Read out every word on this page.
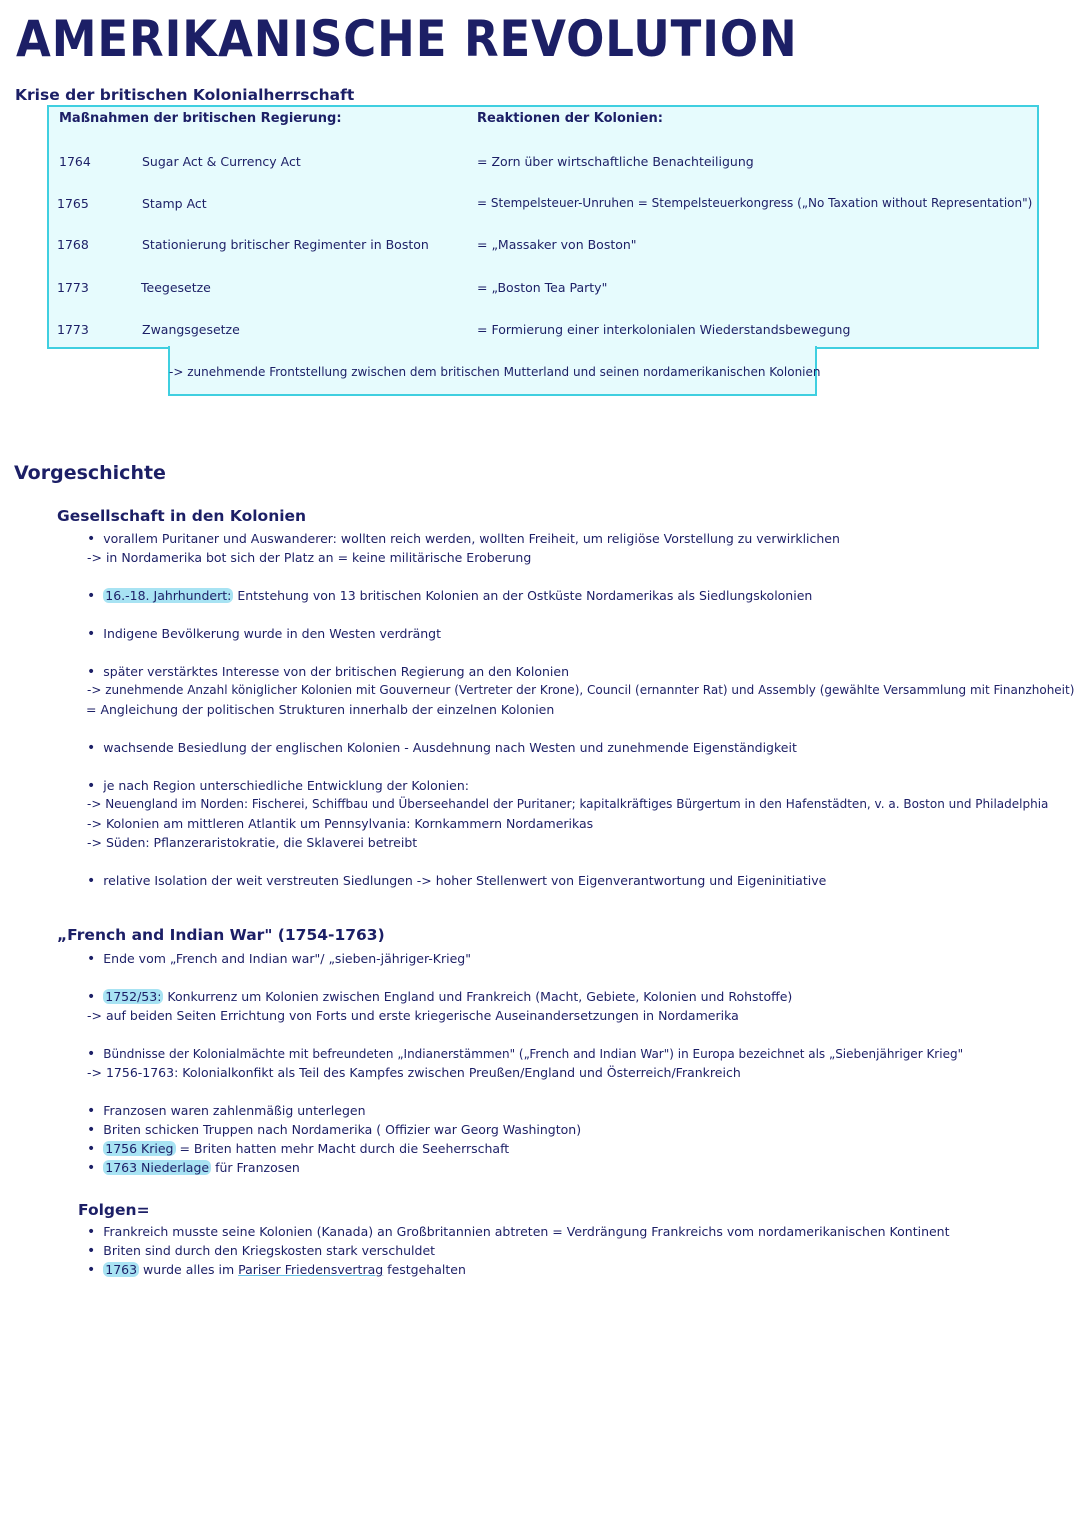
AMERIKANISCHE REVOLUTION
Krise der britischen Kolonialherrschaft
Maßnahmen der britischen Regierung:	Reaktionen der Kolonien:
1764	Sugar Act & Currency Act	= Zorn über wirtschaftliche Benachteiligung
1765	Stamp Act	= Stempelsteuer-Unruhen = Stempelsteuerkongress („No Taxation without Representation")
1768	Stationierung britischer Regimenter in Boston	= „Massaker von Boston"
1773	Teegesetze	= „Boston Tea Party"
1773	Zwangsgesetze	= Formierung einer interkolonialen Wiederstandsbewegung
-> zunehmende Frontstellung zwischen dem britischen Mutterland und seinen nordamerikanischen Kolonien
Vorgeschichte
Gesellschaft in den Kolonien
• vorallem Puritaner und Auswanderer: wollten reich werden, wollten Freiheit, um religiöse Vorstellung zu verwirklichen
-> in Nordamerika bot sich der Platz an = keine militärische Eroberung
• 16.-18. Jahrhundert: Entstehung von 13 britischen Kolonien an der Ostküste Nordamerikas als Siedlungskolonien
• Indigene Bevölkerung wurde in den Westen verdrängt
• später verstärktes Interesse von der britischen Regierung an den Kolonien
-> zunehmende Anzahl königlicher Kolonien mit Gouverneur (Vertreter der Krone), Council (ernannter Rat) und Assembly (gewählte Versammlung mit Finanzhoheit)
= Angleichung der politischen Strukturen innerhalb der einzelnen Kolonien
• wachsende Besiedlung der englischen Kolonien - Ausdehnung nach Westen und zunehmende Eigenständigkeit
• je nach Region unterschiedliche Entwicklung der Kolonien:
-> Neuengland im Norden: Fischerei, Schiffbau und Überseehandel der Puritaner; kapitalkräftiges Bürgertum in den Hafenstädten, v. a. Boston und Philadelphia
-> Kolonien am mittleren Atlantik um Pennsylvania: Kornkammern Nordamerikas
-> Süden: Pflanzeraristokratie, die Sklaverei betreibt
• relative Isolation der weit verstreuten Siedlungen -> hoher Stellenwert von Eigenverantwortung und Eigeninitiative
„French and Indian War" (1754-1763)
• Ende vom „French and Indian war"/ „sieben-jähriger-Krieg"
• 1752/53: Konkurrenz um Kolonien zwischen England und Frankreich (Macht, Gebiete, Kolonien und Rohstoffe)
-> auf beiden Seiten Errichtung von Forts und erste kriegerische Auseinandersetzungen in Nordamerika
• Bündnisse der Kolonialmächte mit befreundeten „Indianerstämmen" („French and Indian War") in Europa bezeichnet als „Siebenjähriger Krieg"
-> 1756-1763: Kolonialkonfikt als Teil des Kampfes zwischen Preußen/England und Österreich/Frankreich
• Franzosen waren zahlenmäßig unterlegen
• Briten schicken Truppen nach Nordamerika ( Offizier war Georg Washington)
• 1756 Krieg = Briten hatten mehr Macht durch die Seeherrschaft
• 1763 Niederlage für Franzosen
Folgen=
• Frankreich musste seine Kolonien (Kanada) an Großbritannien abtreten = Verdrängung Frankreichs vom nordamerikanischen Kontinent
• Briten sind durch den Kriegskosten stark verschuldet
• 1763 wurde alles im Pariser Friedensvertrag festgehalten
